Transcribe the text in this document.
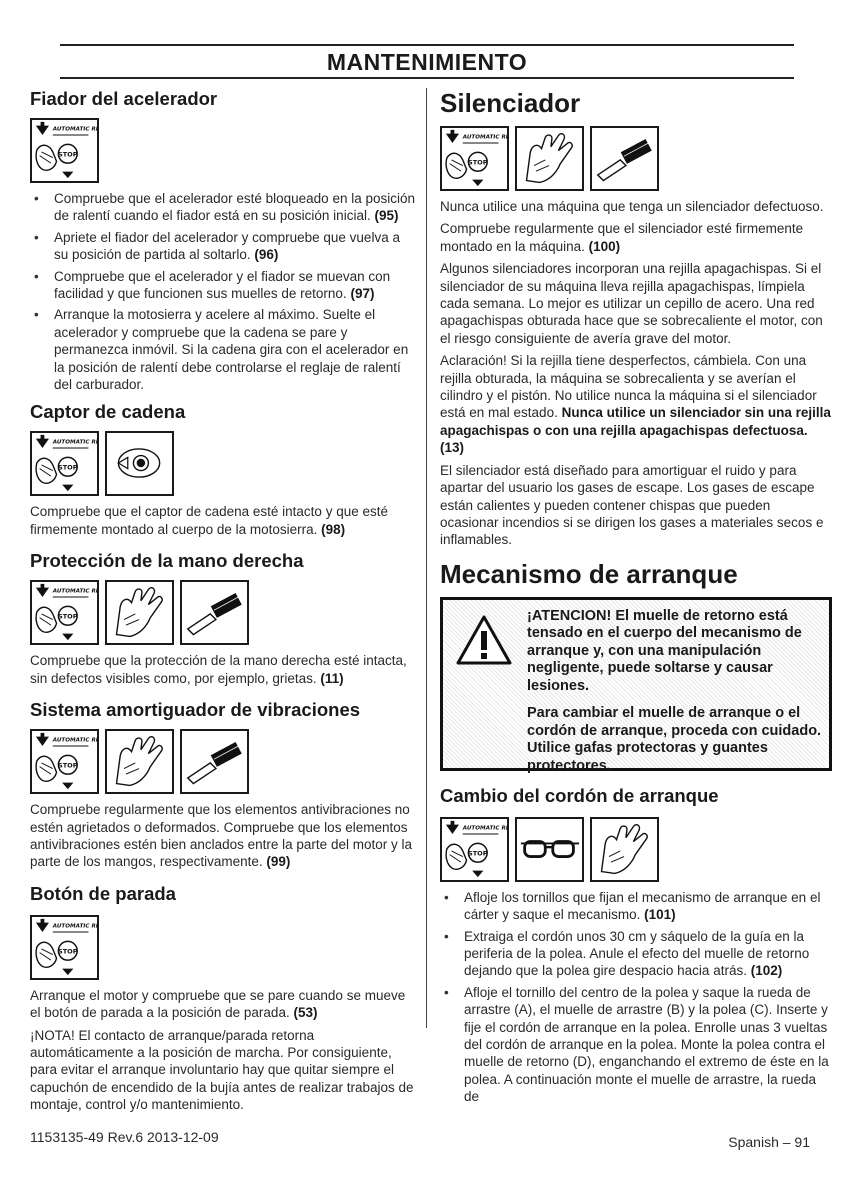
MANTENIMIENTO
Fiador del acelerador
• Compruebe que el acelerador esté bloqueado en la posición de ralentí cuando el fiador está en su posición inicial. (95)
• Apriete el fiador del acelerador y compruebe que vuelva a su posición de partida al soltarlo. (96)
• Compruebe que el acelerador y el fiador se muevan con facilidad y que funcionen sus muelles de retorno. (97)
• Arranque la motosierra y acelere al máximo. Suelte el acelerador y compruebe que la cadena se pare y permanezca inmóvil. Si la cadena gira con el acelerador en la posición de ralentí debe controlarse el reglaje de ralentí del carburador.
Captor de cadena

Compruebe que el captor de cadena esté intacto y que esté firmemente montado al cuerpo de la motosierra. (98)

Protección de la mano derecha

Compruebe que la protección de la mano derecha esté intacta, sin defectos visibles como, por ejemplo, grietas. (11)

Sistema amortiguador de vibraciones

Compruebe regularmente que los elementos antivibraciones no estén agrietados o deformados. Compruebe que los elementos antivibraciones estén bien anclados entre la parte del motor y la parte de los mangos, respectivamente. (99)

Botón de parada

Arranque el motor y compruebe que se pare cuando se mueve el botón de parada a la posición de parada. (53)

¡NOTA! El contacto de arranque/parada retorna automáticamente a la posición de marcha. Por consiguiente, para evitar el arranque involuntario hay que quitar siempre el capuchón de encendido de la bujía antes de realizar trabajos de montaje, control y/o mantenimiento.

Silenciador

Nunca utilice una máquina que tenga un silenciador defectuoso.

Compruebe regularmente que el silenciador esté firmemente montado en la máquina. (100)

Algunos silenciadores incorporan una rejilla apagachispas. Si el silenciador de su máquina lleva rejilla apagachispas, límpiela cada semana. Lo mejor es utilizar un cepillo de acero. Una red apagachispas obturada hace que se sobrecaliente el motor, con el riesgo consiguiente de avería grave del motor.

Aclaración! Si la rejilla tiene desperfectos, cámbiela. Con una rejilla obturada, la máquina se sobrecalienta y se averían el cilindro y el pistón. No utilice nunca la máquina si el silenciador está en mal estado. Nunca utilice un silenciador sin una rejilla apagachispas o con una rejilla apagachispas defectuosa. (13)

El silenciador está diseñado para amortiguar el ruido y para apartar del usuario los gases de escape. Los gases de escape están calientes y pueden contener chispas que pueden ocasionar incendios si se dirigen los gases a materiales secos e inflamables.

Mecanismo de arranque

¡ATENCION! El muelle de retorno está tensado en el cuerpo del mecanismo de arranque y, con una manipulación negligente, puede soltarse y causar lesiones.

Para cambiar el muelle de arranque o el cordón de arranque, proceda con cuidado. Utilice gafas protectoras y guantes protectores.

Cambio del cordón de arranque
• Afloje los tornillos que fijan el mecanismo de arranque en el cárter y saque el mecanismo. (101)
• Extraiga el cordón unos 30 cm y sáquelo de la guía en la periferia de la polea. Anule el efecto del muelle de retorno dejando que la polea gire despacio hacia atrás. (102)
• Afloje el tornillo del centro de la polea y saque la rueda de arrastre (A), el muelle de arrastre (B) y la polea (C). Inserte y fije el cordón de arranque en la polea. Enrolle unas 3 vueltas del cordón de arranque en la polea. Monte la polea contra el muelle de retorno (D), enganchando el extremo de éste en la polea. A continuación monte el muelle de arrastre, la rueda de
1153135-49 Rev.6 2013-12-09	Spanish – 91
